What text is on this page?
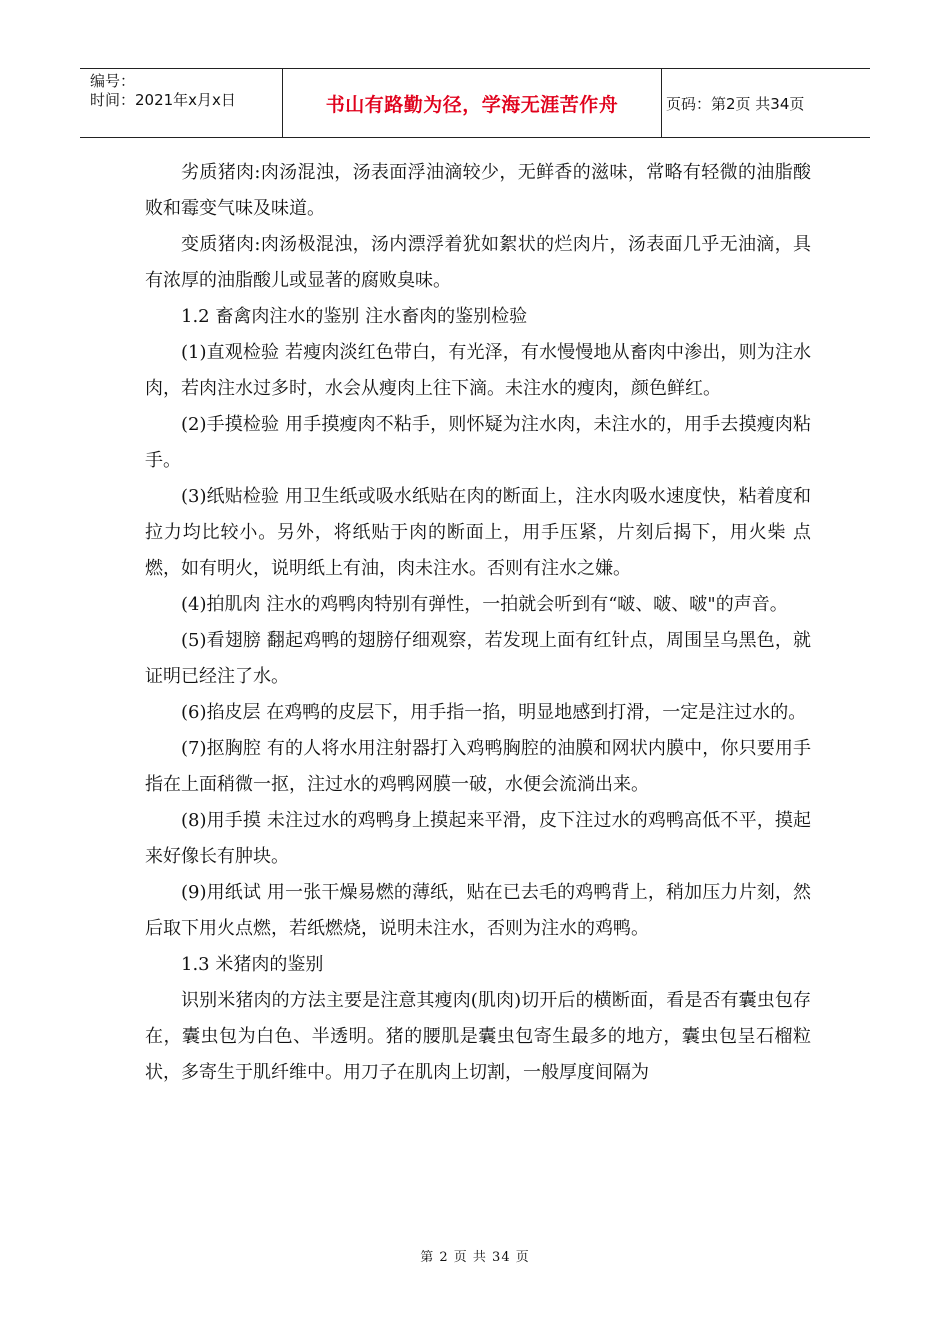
编号：
时间：2021年x月x日	书山有路勤为径，学海无涯苦作舟	页码：第2页 共34页

劣质猪肉:肉汤混浊，汤表面浮油滴较少，无鲜香的滋味，常略有轻微的油脂酸败和霉变气味及味道。

变质猪肉:肉汤极混浊，汤内漂浮着犹如絮状的烂肉片，汤表面几乎无油滴，具有浓厚的油脂酸儿或显著的腐败臭味。

1.2 畜禽肉注水的鉴别 注水畜肉的鉴别检验

(1)直观检验 若瘦肉淡红色带白，有光泽，有水慢慢地从畜肉中渗出，则为注水肉，若肉注水过多时，水会从瘦肉上往下滴。未注水的瘦肉，颜色鲜红。

(2)手摸检验 用手摸瘦肉不粘手，则怀疑为注水肉，未注水的，用手去摸瘦肉粘手。

(3)纸贴检验 用卫生纸或吸水纸贴在肉的断面上，注水肉吸水速度快，粘着度和拉力均比较小。另外，将纸贴于肉的断面上，用手压紧，片刻后揭下，用火柴 点燃，如有明火，说明纸上有油，肉未注水。否则有注水之嫌。

(4)拍肌肉 注水的鸡鸭肉特别有弹性，一拍就会听到有“啵、啵、啵"的声音。

(5)看翅膀 翻起鸡鸭的翅膀仔细观察，若发现上面有红针点，周围呈乌黑色，就证明已经注了水。

(6)掐皮层 在鸡鸭的皮层下，用手指一掐，明显地感到打滑，一定是注过水的。

(7)抠胸腔 有的人将水用注射器打入鸡鸭胸腔的油膜和网状内膜中，你只要用手指在上面稍微一抠，注过水的鸡鸭网膜一破，水便会流淌出来。

(8)用手摸 未注过水的鸡鸭身上摸起来平滑，皮下注过水的鸡鸭高低不平，摸起来好像长有肿块。

(9)用纸试 用一张干燥易燃的薄纸，贴在已去毛的鸡鸭背上，稍加压力片刻，然后取下用火点燃，若纸燃烧，说明未注水，否则为注水的鸡鸭。

1.3 米猪肉的鉴别

识别米猪肉的方法主要是注意其瘦肉(肌肉)切开后的横断面，看是否有囊虫包存在，囊虫包为白色、半透明。猪的腰肌是囊虫包寄生最多的地方，囊虫包呈石榴粒 状，多寄生于肌纤维中。用刀子在肌肉上切割，一般厚度间隔为

第 2 页 共 34 页
